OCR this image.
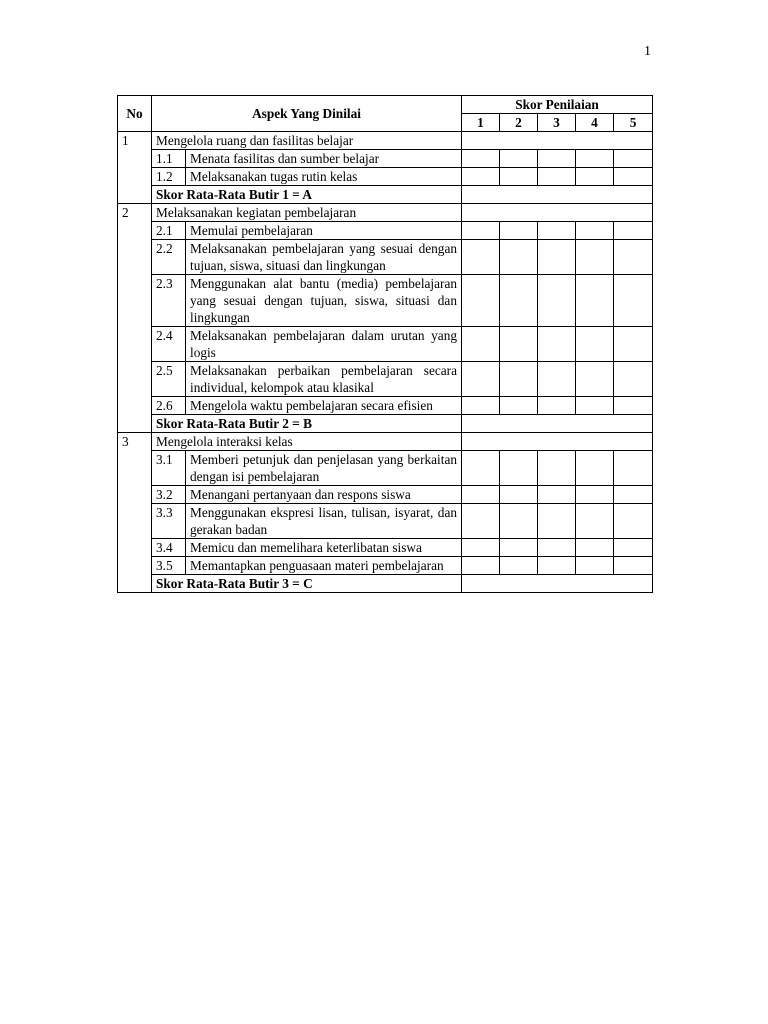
1
No	Aspek Yang Dinilai		Skor Penilaian				
			1	2	3	4	5
1	Mengelola ruang dan fasilitas belajar						
	1.1	Menata fasilitas dan sumber belajar					
	1.2	Melaksanakan tugas rutin kelas					
	Skor Rata-Rata Butir 1 = A						
2	Melaksanakan kegiatan pembelajaran						
	2.1	Memulai pembelajaran					
	2.2	Melaksanakan pembelajaran yang sesuai dengan tujuan, siswa, situasi dan lingkungan					
	2.3	Menggunakan alat bantu (media) pembelajaran yang sesuai dengan tujuan, siswa, situasi dan lingkungan					
	2.4	Melaksanakan pembelajaran dalam urutan yang logis					
	2.5	Melaksanakan perbaikan pembelajaran secara individual, kelompok atau klasikal					
	2.6	Mengelola waktu pembelajaran secara efisien					
	Skor Rata-Rata Butir 2 = B						
3	Mengelola interaksi kelas						
	3.1	Memberi petunjuk dan penjelasan yang berkaitan dengan isi pembelajaran					
	3.2	Menangani pertanyaan dan respons siswa					
	3.3	Menggunakan ekspresi lisan, tulisan, isyarat, dan gerakan badan					
	3.4	Memicu dan memelihara keterlibatan siswa					
	3.5	Memantapkan penguasaan materi pembelajaran					
	Skor Rata-Rata Butir 3 = C						
